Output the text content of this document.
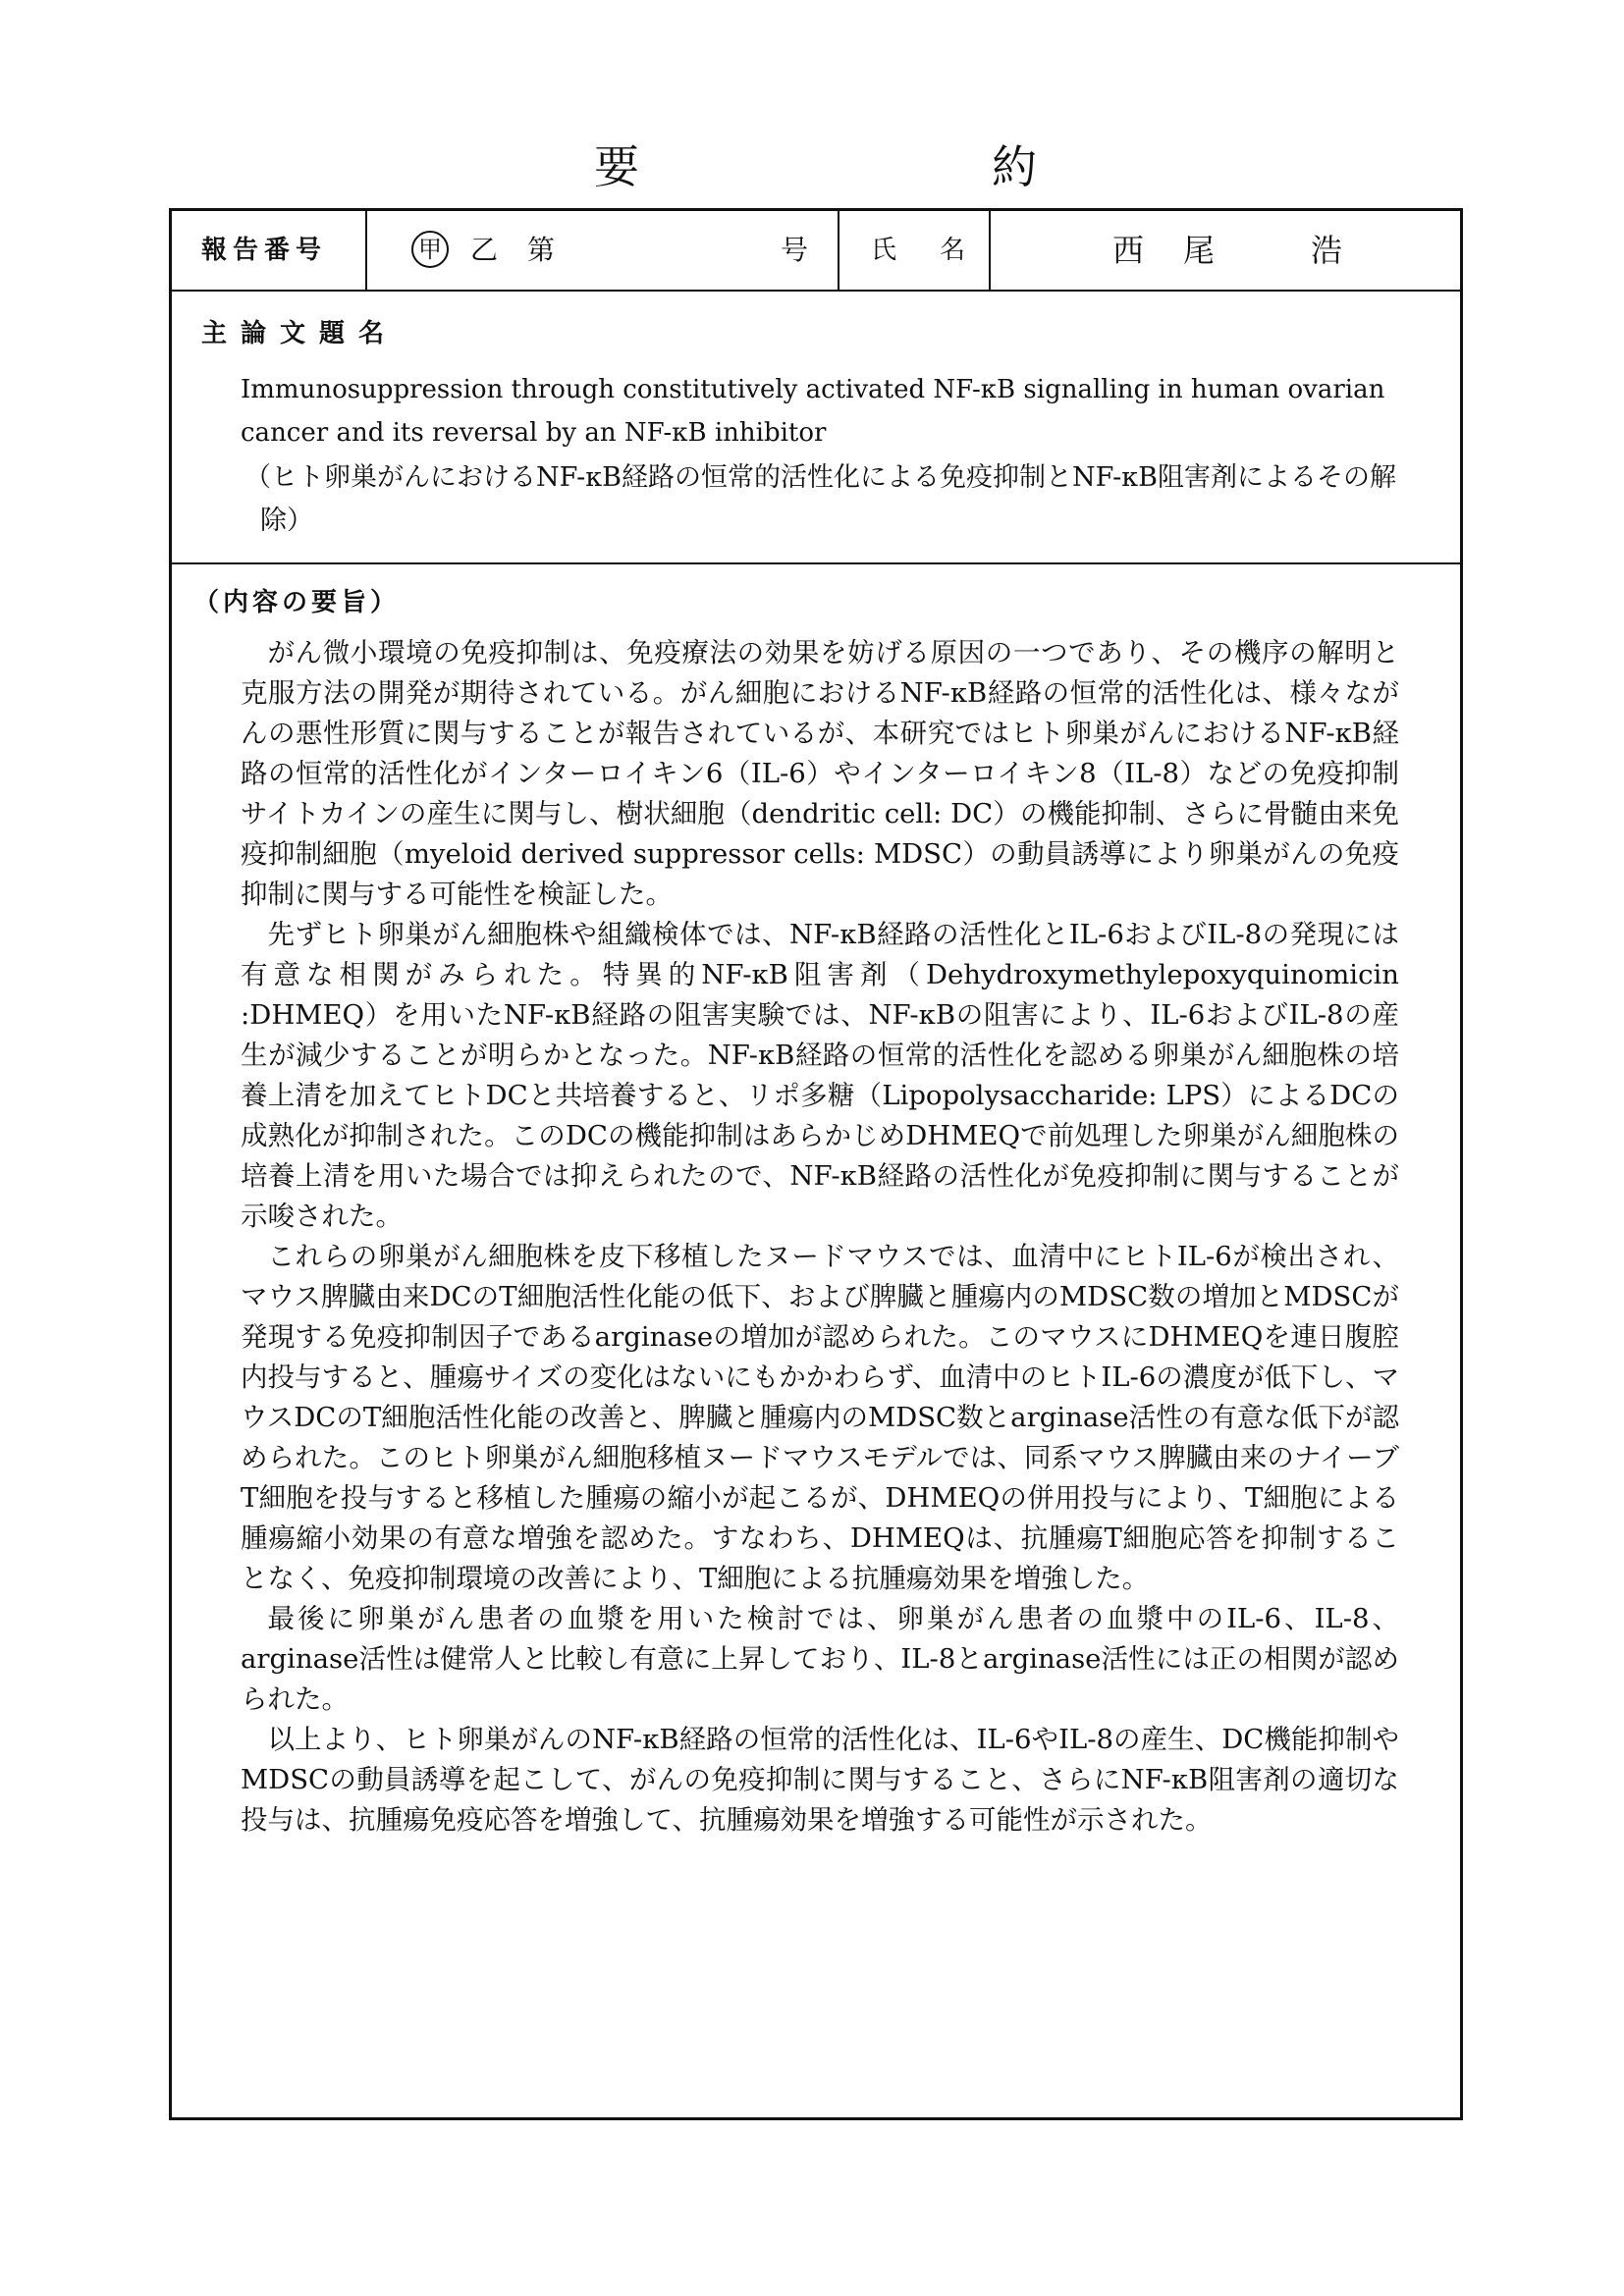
要	約
報告番号	甲 乙 第	号 氏 名	西 尾	浩
主論文題名
Immunosuppression through constitutively activated NF-κB signalling in human ovarian cancer and its reversal by an NF-κB inhibitor
（ヒト卵巣がんにおけるNF-κB経路の恒常的活性化による免疫抑制とNF-κB阻害剤によるその解除）
（内容の要旨）

がん微小環境の免疫抑制は、免疫療法の効果を妨げる原因の一つであり、その機序の解明と克服方法の開発が期待されている。がん細胞におけるNF-κB経路の恒常的活性化は、様々ながんの悪性形質に関与することが報告されているが、本研究ではヒト卵巣がんにおけるNF-κB経路の恒常的活性化がインターロイキン6（IL-6）やインターロイキン8（IL-8）などの免疫抑制サイトカインの産生に関与し、樹状細胞（dendritic cell: DC）の機能抑制、さらに骨髄由来免疫抑制細胞（myeloid derived suppressor cells: MDSC）の動員誘導により卵巣がんの免疫抑制に関与する可能性を検証した。

先ずヒト卵巣がん細胞株や組織検体では、NF-κB経路の活性化とIL-6およびIL-8の発現には有意な相関がみられた。特異的NF-κB阻害剤（Dehydroxymethylepoxyquinomicin :DHMEQ）を用いたNF-κB経路の阻害実験では、NF-κBの阻害により、IL-6およびIL-8の産生が減少することが明らかとなった。NF-κB経路の恒常的活性化を認める卵巣がん細胞株の培養上清を加えてヒトDCと共培養すると、リポ多糖（Lipopolysaccharide: LPS）によるDCの成熟化が抑制された。このDCの機能抑制はあらかじめDHMEQで前処理した卵巣がん細胞株の培養上清を用いた場合では抑えられたので、NF-κB経路の活性化が免疫抑制に関与することが示唆された。

これらの卵巣がん細胞株を皮下移植したヌードマウスでは、血清中にヒトIL-6が検出され、マウス脾臓由来DCのT細胞活性化能の低下、および脾臓と腫瘍内のMDSC数の増加とMDSCが発現する免疫抑制因子であるarginaseの増加が認められた。このマウスにDHMEQを連日腹腔内投与すると、腫瘍サイズの変化はないにもかかわらず、血清中のヒトIL-6の濃度が低下し、マウスDCのT細胞活性化能の改善と、脾臓と腫瘍内のMDSC数とarginase活性の有意な低下が認められた。このヒト卵巣がん細胞移植ヌードマウスモデルでは、同系マウス脾臓由来のナイーブT細胞を投与すると移植した腫瘍の縮小が起こるが、DHMEQの併用投与により、T細胞による腫瘍縮小効果の有意な増強を認めた。すなわち、DHMEQは、抗腫瘍T細胞応答を抑制することなく、免疫抑制環境の改善により、T細胞による抗腫瘍効果を増強した。

最後に卵巣がん患者の血漿を用いた検討では、卵巣がん患者の血漿中のIL-6、IL-8、arginase活性は健常人と比較し有意に上昇しており、IL-8とarginase活性には正の相関が認められた。

以上より、ヒト卵巣がんのNF-κB経路の恒常的活性化は、IL-6やIL-8の産生、DC機能抑制やMDSCの動員誘導を起こして、がんの免疫抑制に関与すること、さらにNF-κB阻害剤の適切な投与は、抗腫瘍免疫応答を増強して、抗腫瘍効果を増強する可能性が示された。
